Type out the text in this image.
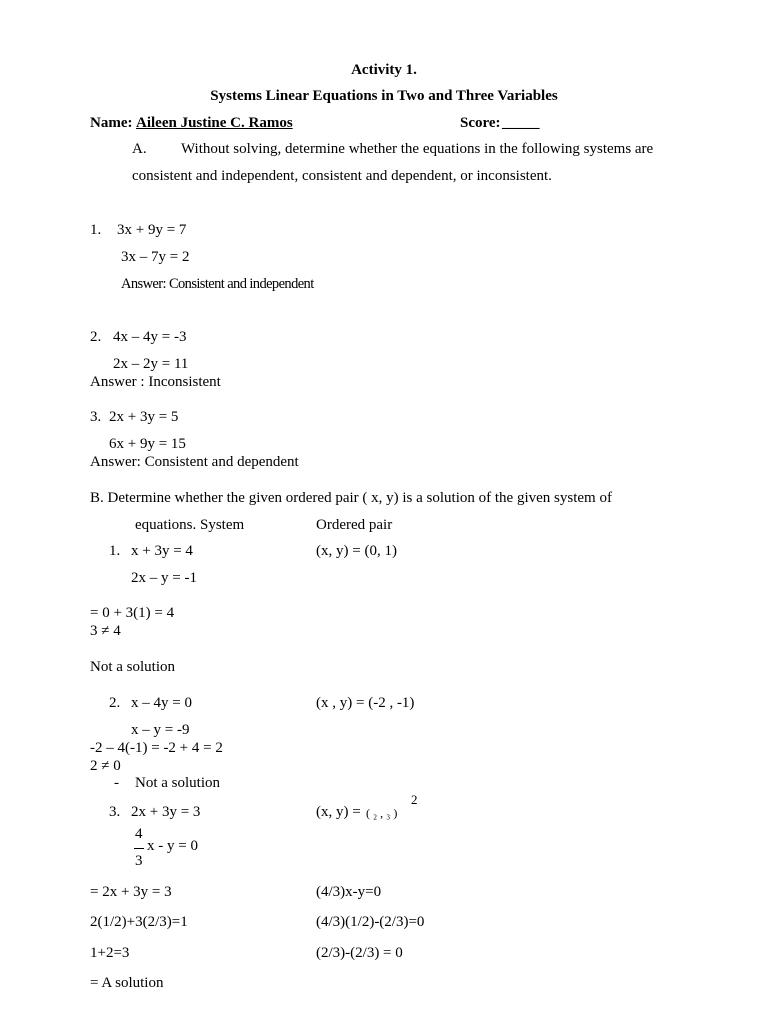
Activity 1.
Systems Linear Equations in Two and Three Variables
Name: Aileen Justine C. Ramos	Score: _____
A. Without solving, determine whether the equations in the following systems are
consistent and independent, consistent and dependent, or inconsistent.
1. 3x + 9y = 7
3x – 7y = 2
Answer: Consistent and independent
2. 4x – 4y = -3
2x – 2y = 11
Answer : Inconsistent
3. 2x + 3y = 5
6x + 9y = 15
Answer: Consistent and dependent
B. Determine whether the given ordered pair ( x, y) is a solution of the given system of
equations. System	Ordered pair
1. x + 3y = 4	(x, y) = (0, 1)
2x – y = -1
= 0 + 3(1) = 4
3 ≠ 4
Not a solution
2. x – 4y = 0	(x , y) = (-2 , -1)
x – y = -9
-2 – 4(-1) = -2 + 4 = 2
2 ≠ 0
- Not a solution
3. 2x + 3y = 3	(x, y) = ( ₂ , ₃ )
2
4
3
x - y = 0
= 2x + 3y = 3	(4/3)x-y=0
2(1/2)+3(2/3)=1	(4/3)(1/2)-(2/3)=0
1+2=3	(2/3)-(2/3) = 0
= A solution
